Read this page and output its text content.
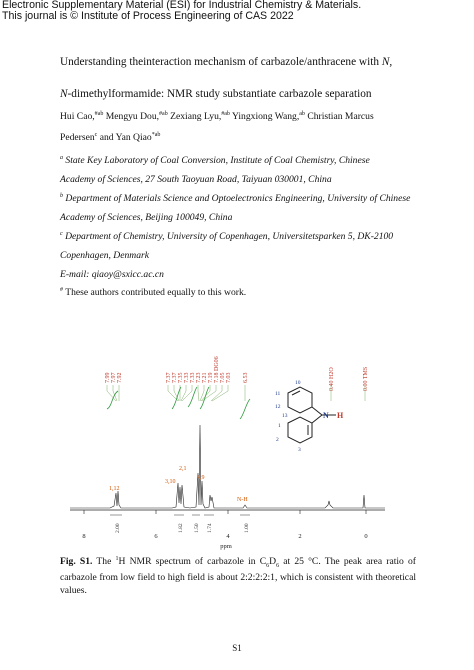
Electronic Supplementary Material (ESI) for Industrial Chemistry & Materials.
This journal is © Institute of Process Engineering of CAS 2022
Understanding theinteraction mechanism of carbazole/anthracene with N,
N-dimethylformamide: NMR study substantiate carbazole separation
Hui Cao,$^{\#ab}$ Mengyu Dou,$^{\#ab}$ Zexiang Lyu,$^{\#ab}$ Yingxiong Wang,$^{ab}$ Christian Marcus
Pedersen$^c$ and Yan Qiao$^{*ab}$
$^a$ State Key Laboratory of Coal Conversion, Institute of Coal Chemistry, Chinese
Academy of Sciences, 27 South Taoyuan Road, Taiyuan 030001, China
$^b$ Department of Materials Science and Optoelectronics Engineering, University of Chinese
Academy of Sciences, Beijing 100049, China
$^c$ Department of Chemistry, University of Copenhagen, Universitetsparken 5, DK-2100
Copenhagen, Denmark
E-mail: qiaoy@sxicc.ac.cn
# These authors contributed equally to this work.
7.99 7.97 7.92	7.37 7.37 7.35 7.33 7.33 7.23 7.21 7.19 7.18 DG06 7.05 7.03 6.53	0.40 H2O	0.00 TMS
8	6	4	2	0
ppm
2.00	1.82 1.50 1.74	1.00
1,12
3,10
2,1
4,9
N-H
10
11
12
13
1
2
3
N H
Fig. S1. The $^1$H NMR spectrum of carbazole in $C_6D_6$ at 25 °C. The peak area ratio of carbazole from low field to high field is about 2:2:2:2:1, which is consistent with theoretical values.
S1
